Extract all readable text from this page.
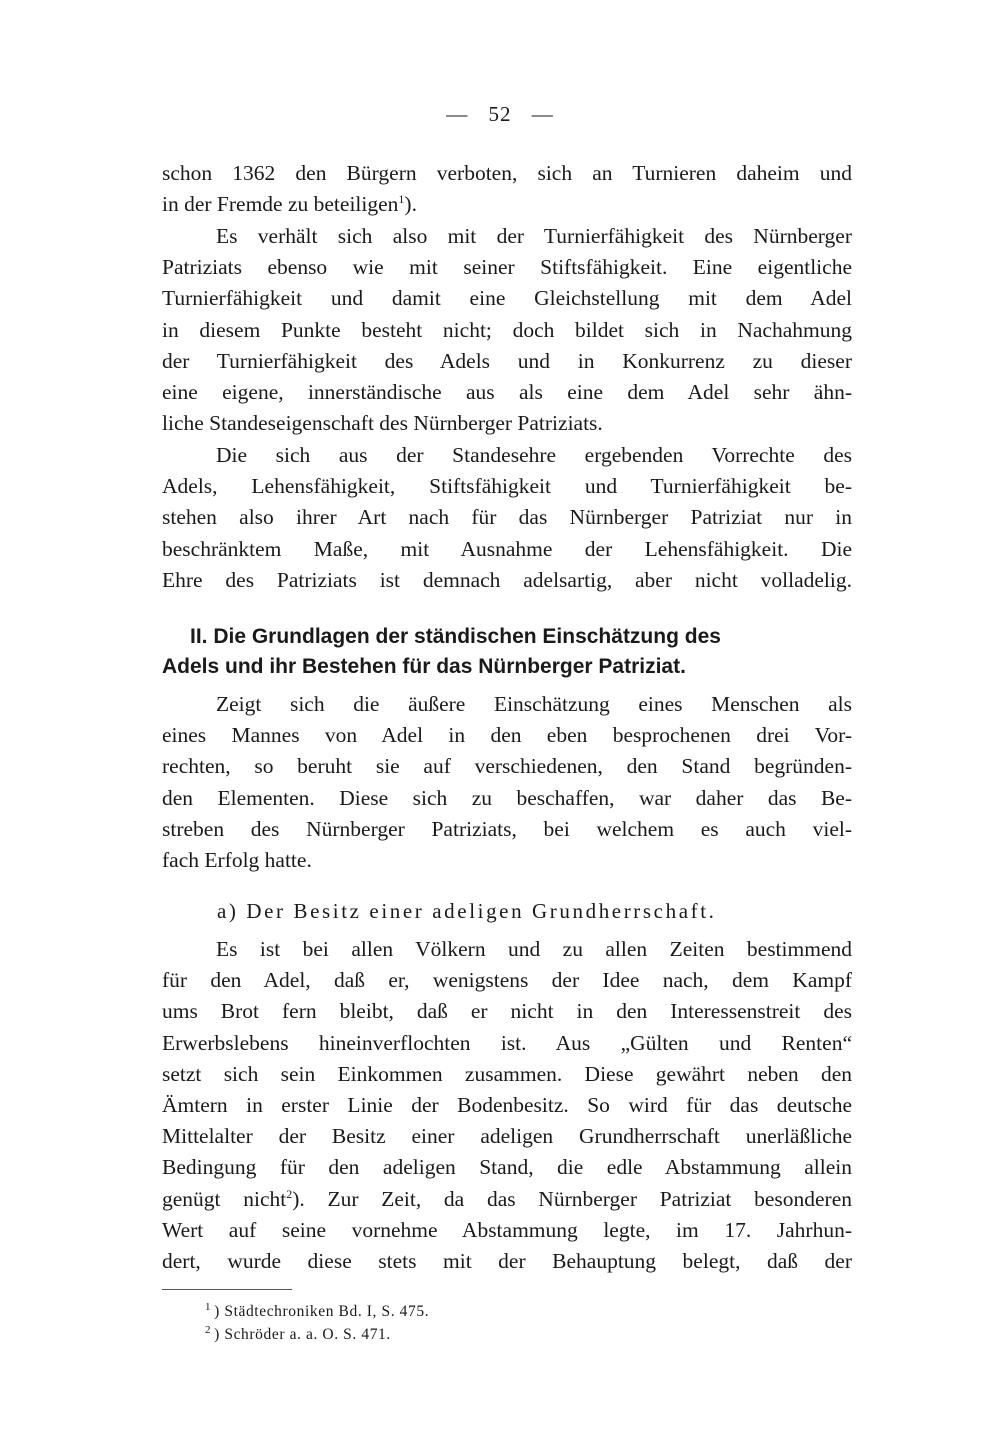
— 52 —
schon 1362 den Bürgern verboten, sich an Turnieren daheim und
in der Fremde zu beteiligen$^1$).
Es verhält sich also mit der Turnierfähigkeit des Nürnberger
Patriziats ebenso wie mit seiner Stiftsfähigkeit. Eine eigentliche
Turnierfähigkeit und damit eine Gleichstellung mit dem Adel
in diesem Punkte besteht nicht; doch bildet sich in Nachahmung
der Turnierfähigkeit des Adels und in Konkurrenz zu dieser
eine eigene, innerständische aus als eine dem Adel sehr ähn-
liche Standeseigenschaft des Nürnberger Patriziats.
Die sich aus der Standesehre ergebenden Vorrechte des
Adels, Lehensfähigkeit, Stiftsfähigkeit und Turnierfähigkeit be-
stehen also ihrer Art nach für das Nürnberger Patriziat nur in
beschränktem Maße, mit Ausnahme der Lehensfähigkeit. Die
Ehre des Patriziats ist demnach adelsartig, aber nicht volladelig.
II. Die Grundlagen der ständischen Einschätzung des
Adels und ihr Bestehen für das Nürnberger Patriziat.
Zeigt sich die äußere Einschätzung eines Menschen als
eines Mannes von Adel in den eben besprochenen drei Vor-
rechten, so beruht sie auf verschiedenen, den Stand begründen-
den Elementen. Diese sich zu beschaffen, war daher das Be-
streben des Nürnberger Patriziats, bei welchem es auch viel-
fach Erfolg hatte.
a) Der Besitz einer adeligen Grundherrschaft.
Es ist bei allen Völkern und zu allen Zeiten bestimmend
für den Adel, daß er, wenigstens der Idee nach, dem Kampf
ums Brot fern bleibt, daß er nicht in den Interessenstreit des
Erwerbslebens hineinverflochten ist. Aus „Gülten und Renten“
setzt sich sein Einkommen zusammen. Diese gewährt neben den
Ämtern in erster Linie der Bodenbesitz. So wird für das deutsche
Mittelalter der Besitz einer adeligen Grundherrschaft unerläßliche
Bedingung für den adeligen Stand, die edle Abstammung allein
genügt nicht$^2$). Zur Zeit, da das Nürnberger Patriziat besonderen
Wert auf seine vornehme Abstammung legte, im 17. Jahrhun-
dert, wurde diese stets mit der Behauptung belegt, daß der
$^1$ ) Städtechroniken Bd. I, S. 475.
$^2$ ) Schröder a. a. O. S. 471.
